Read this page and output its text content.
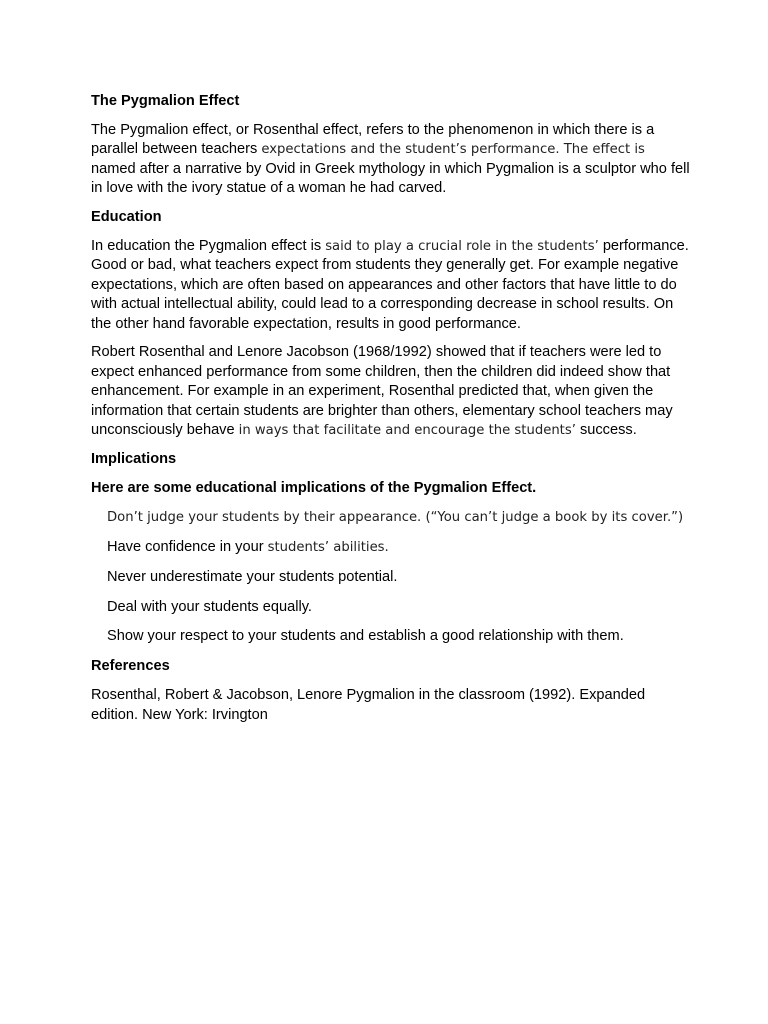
The Pygmalion Effect

The Pygmalion effect, or Rosenthal effect, refers to the phenomenon in which there is a parallel between teachers expectations and the student’s performance. The effect is named after a narrative by Ovid in Greek mythology in which Pygmalion is a sculptor who fell in love with the ivory statue of a woman he had carved.

Education

In education the Pygmalion effect is said to play a crucial role in the students’ performance. Good or bad, what teachers expect from students they generally get. For example negative expectations, which are often based on appearances and other factors that have little to do with actual intellectual ability, could lead to a corresponding decrease in school results. On the other hand favorable expectation, results in good performance.

Robert Rosenthal and Lenore Jacobson (1968/1992) showed that if teachers were led to expect enhanced performance from some children, then the children did indeed show that enhancement. For example in an experiment, Rosenthal predicted that, when given the information that certain students are brighter than others, elementary school teachers may unconsciously behave in ways that facilitate and encourage the students’ success.

Implications
Here are some educational implications of the Pygmalion Effect.

Don’t judge your students by their appearance. (“You can’t judge a book by its cover.”)

Have confidence in your students’ abilities.

Never underestimate your students potential.

Deal with your students equally.

Show your respect to your students and establish a good relationship with them.

References

Rosenthal, Robert & Jacobson, Lenore Pygmalion in the classroom (1992). Expanded edition. New York: Irvington
